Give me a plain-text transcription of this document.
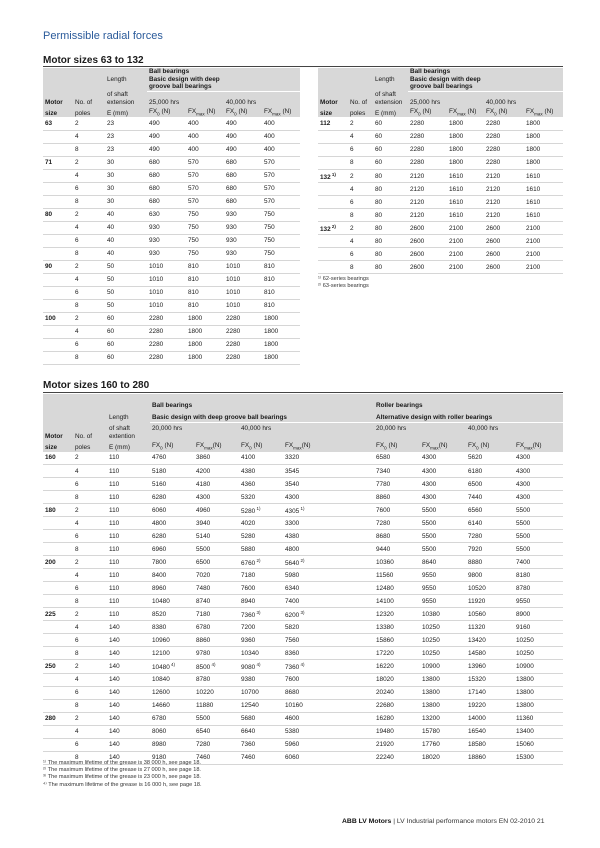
Permissible radial forces
Motor sizes 63 to 132
			Ball bearings			
		Length	Basic design with deep			
			groove ball bearings			
		of shaft				
Motor	No. of	extension	25,000 hrs		40,000 hrs	
size	poles	E (mm)	$FX_0$ (N)	$FX_{max}$ (N)	$FX_0$ (N)	$FX_{max}$ (N)
63	2	23	490	400	490	400
	4	23	490	400	490	400
	8	23	490	400	490	400
71	2	30	680	570	680	570
	4	30	680	570	680	570
	6	30	680	570	680	570
	8	30	680	570	680	570
80	2	40	630	750	930	750
	4	40	930	750	930	750
	6	40	930	750	930	750
	8	40	930	750	930	750
90	2	50	1010	810	1010	810
	4	50	1010	810	1010	810
	6	50	1010	810	1010	810
	8	50	1010	810	1010	810
100	2	60	2280	1800	2280	1800
	4	60	2280	1800	2280	1800
	6	60	2280	1800	2280	1800
	8	60	2280	1800	2280	1800
			Ball bearings			
		Length	Basic design with deep			
			groove ball bearings			
		of shaft				
Motor	No. of	extension	25,000 hrs		40,000 hrs	
size	poles	E (mm)	$FX_0$ (N)	$FX_{max}$ (N)	$FX_0$ (N)	$FX_{max}$ (N)
112	2	60	2280	1800	2280	1800
	4	60	2280	1800	2280	1800
	6	60	2280	1800	2280	1800
	8	60	2280	1800	2280	1800
132 $^{1)}$	2	80	2120	1610	2120	1610
	4	80	2120	1610	2120	1610
	6	80	2120	1610	2120	1610
	8	80	2120	1610	2120	1610
132 $^{2)}$	2	80	2600	2100	2600	2100
	4	80	2600	2100	2600	2100
	6	80	2600	2100	2600	2100
	8	80	2600	2100	2600	2100
¹⁾ 62-series bearings
²⁾ 63-series bearings
Motor sizes 160 to 280
			Ball bearings					Roller bearings			
		Length	Basic design with deep groove ball bearings					Alternative design with roller bearings			
		of shaft	20,000 hrs		40,000 hrs			20,000 hrs		40,000 hrs	
Motor	No. of	extention									
size	poles	E (mm)	$FX_0$ (N)	$FX_{max}(N)$	$FX_0$ (N)	$FX_{max}(N)$		$FX_0$ (N)	$FX_{max}(N)$	$FX_0$ (N)	$FX_{max}(N)$
160	2	110	4760	3860	4100	3320		6580	4300	5620	4300
	4	110	5180	4200	4380	3545		7340	4300	6180	4300
	6	110	5160	4180	4360	3540		7780	4300	6500	4300
	8	110	6280	4300	5320	4300		8860	4300	7440	4300
180	2	110	6060	4960	5280 $^{1)}$	4305 $^{1)}$		7600	5500	6560	5500
	4	110	4800	3940	4020	3300		7280	5500	6140	5500
	6	110	6280	5140	5280	4380		8680	5500	7280	5500
	8	110	6960	5500	5880	4800		9440	5500	7920	5500
200	2	110	7800	6500	6760 $^{2)}$	5640 $^{2)}$		10360	8640	8880	7400
	4	110	8400	7020	7180	5980		11560	9550	9800	8180
	6	110	8960	7480	7600	6340		12480	9550	10520	8780
	8	110	10480	8740	8940	7400		14100	9550	11920	9550
225	2	110	8520	7180	7360 $^{3)}$	6200 $^{3)}$		12320	10380	10560	8900
	4	140	8380	6780	7200	5820		13380	10250	11320	9160
	6	140	10960	8860	9360	7560		15860	10250	13420	10250
	8	140	12100	9780	10340	8360		17220	10250	14580	10250
250	2	140	10480 $^{4)}$	8500 $^{4)}$	9080 $^{4)}$	7360 $^{4)}$		16220	10900	13960	10900
	4	140	10840	8780	9380	7600		18020	13800	15320	13800
	6	140	12600	10220	10700	8680		20240	13800	17140	13800
	8	140	14660	11880	12540	10160		22680	13800	19220	13800
280	2	140	6780	5500	5680	4600		16280	13200	14000	11360
	4	140	8060	6540	6640	5380		19480	15780	16540	13400
	6	140	8980	7280	7360	5960		21920	17760	18580	15060
	8	140	9180	7460	7460	6060		22240	18020	18860	15300
¹⁾ The maximum lifetime of the grease is 38 000 h, see page 18.
²⁾ The maximum lifetime of the grease is 27 000 h, see page 18.
³⁾ The maximum lifetime of the grease is 23 000 h, see page 18.
⁴⁾ The maximum lifetime of the grease is 16 000 h, see page 18.
ABB LV Motors | LV Industrial performance motors EN 02-2010 21
